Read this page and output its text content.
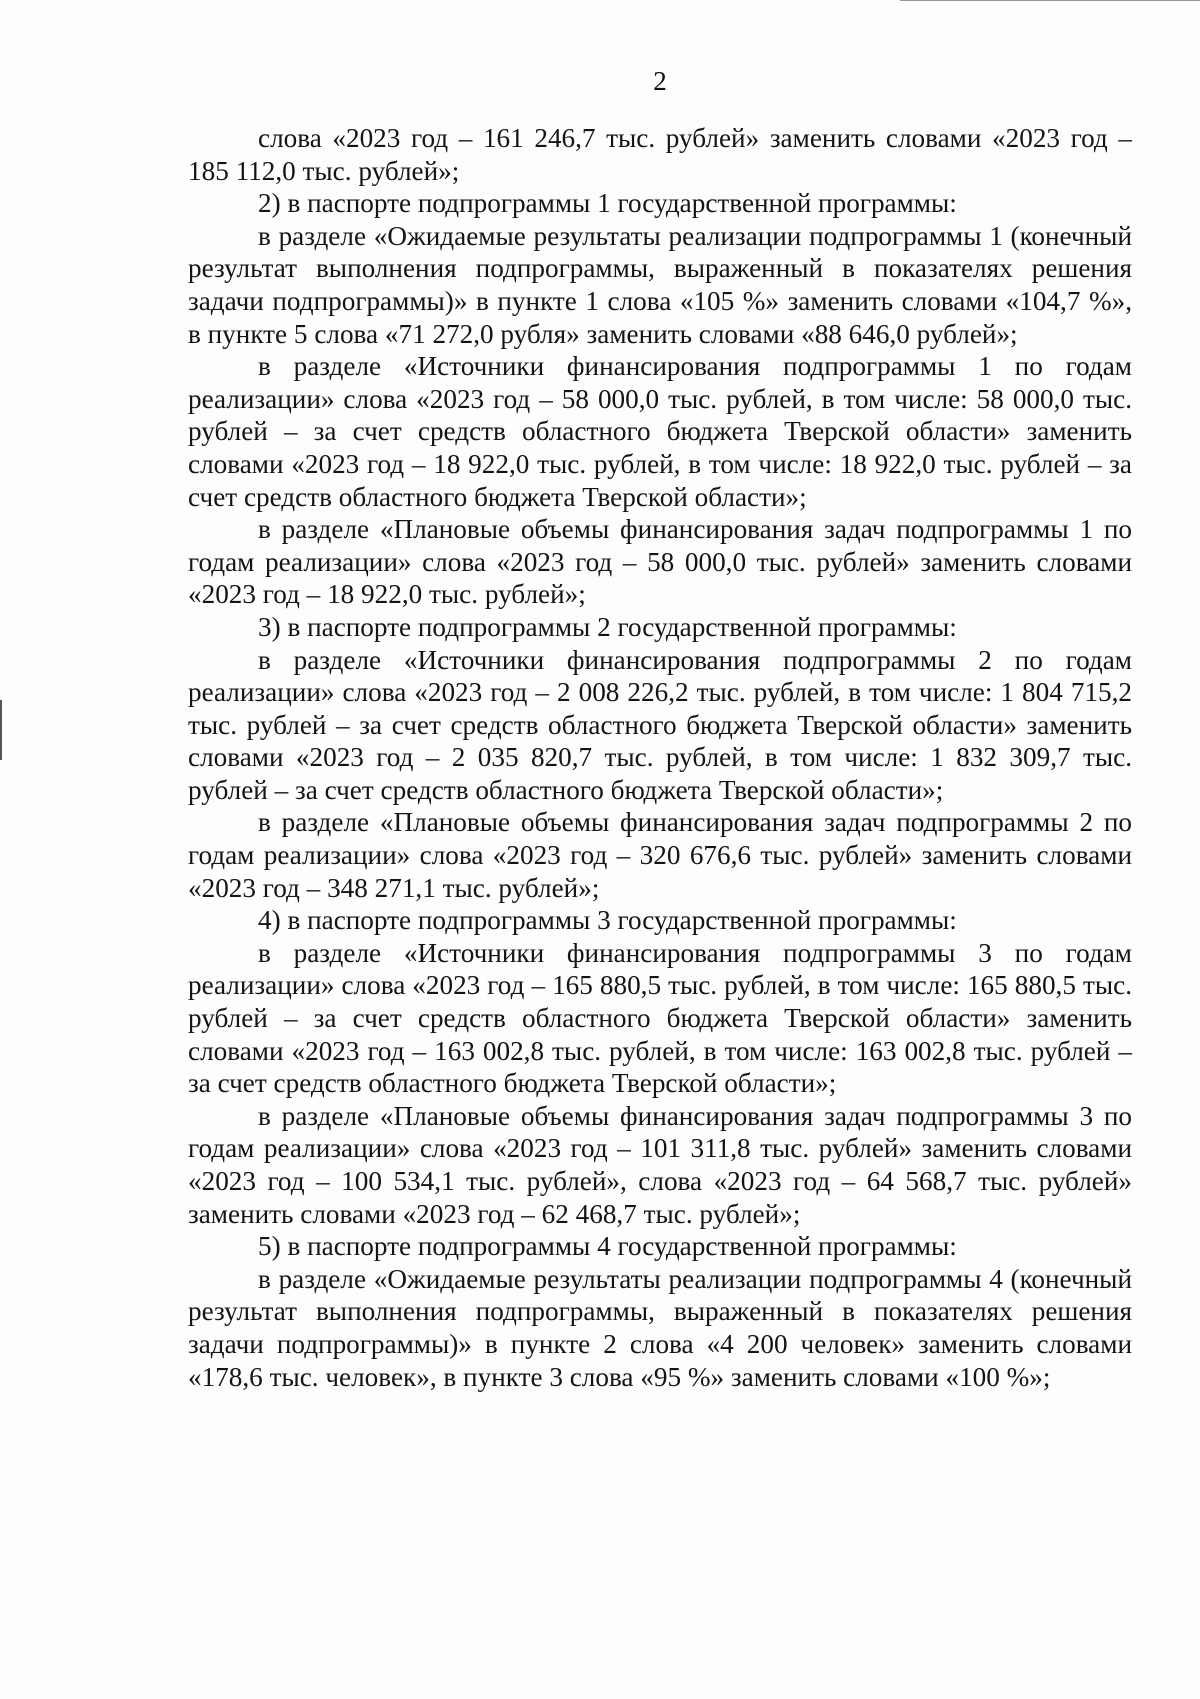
2

слова «2023 год – 161 246,7 тыс. рублей» заменить словами «2023 год – 185 112,0 тыс. рублей»;

2) в паспорте подпрограммы 1 государственной программы:

в разделе «Ожидаемые результаты реализации подпрограммы 1 (конечный результат выполнения подпрограммы, выраженный в показателях решения задачи подпрограммы)» в пункте 1 слова «105 %» заменить словами «104,7 %», в пункте 5 слова «71 272,0 рубля» заменить словами «88 646,0 рублей»;

в разделе «Источники финансирования подпрограммы 1 по годам реализации» слова «2023 год – 58 000,0 тыс. рублей, в том числе: 58 000,0 тыс. рублей – за счет средств областного бюджета Тверской области» заменить словами «2023 год – 18 922,0 тыс. рублей, в том числе: 18 922,0 тыс. рублей – за счет средств областного бюджета Тверской области»;

в разделе «Плановые объемы финансирования задач подпрограммы 1 по годам реализации» слова «2023 год – 58 000,0 тыс. рублей» заменить словами «2023 год – 18 922,0 тыс. рублей»;

3) в паспорте подпрограммы 2 государственной программы:

в разделе «Источники финансирования подпрограммы 2 по годам реализации» слова «2023 год – 2 008 226,2 тыс. рублей, в том числе: 1 804 715,2 тыс. рублей – за счет средств областного бюджета Тверской области» заменить словами «2023 год – 2 035 820,7 тыс. рублей, в том числе: 1 832 309,7 тыс. рублей – за счет средств областного бюджета Тверской области»;

в разделе «Плановые объемы финансирования задач подпрограммы 2 по годам реализации» слова «2023 год – 320 676,6 тыс. рублей» заменить словами «2023 год – 348 271,1 тыс. рублей»;

4) в паспорте подпрограммы 3 государственной программы:

в разделе «Источники финансирования подпрограммы 3 по годам реализации» слова «2023 год – 165 880,5 тыс. рублей, в том числе: 165 880,5 тыс. рублей – за счет средств областного бюджета Тверской области» заменить словами «2023 год – 163 002,8 тыс. рублей, в том числе: 163 002,8 тыс. рублей – за счет средств областного бюджета Тверской области»;

в разделе «Плановые объемы финансирования задач подпрограммы 3 по годам реализации» слова «2023 год – 101 311,8 тыс. рублей» заменить словами «2023 год – 100 534,1 тыс. рублей», слова «2023 год – 64 568,7 тыс. рублей» заменить словами «2023 год – 62 468,7 тыс. рублей»;

5) в паспорте подпрограммы 4 государственной программы:

в разделе «Ожидаемые результаты реализации подпрограммы 4 (конечный результат выполнения подпрограммы, выраженный в показателях решения задачи подпрограммы)» в пункте 2 слова «4 200 человек» заменить словами «178,6 тыс. человек», в пункте 3 слова «95 %» заменить словами «100 %»;
